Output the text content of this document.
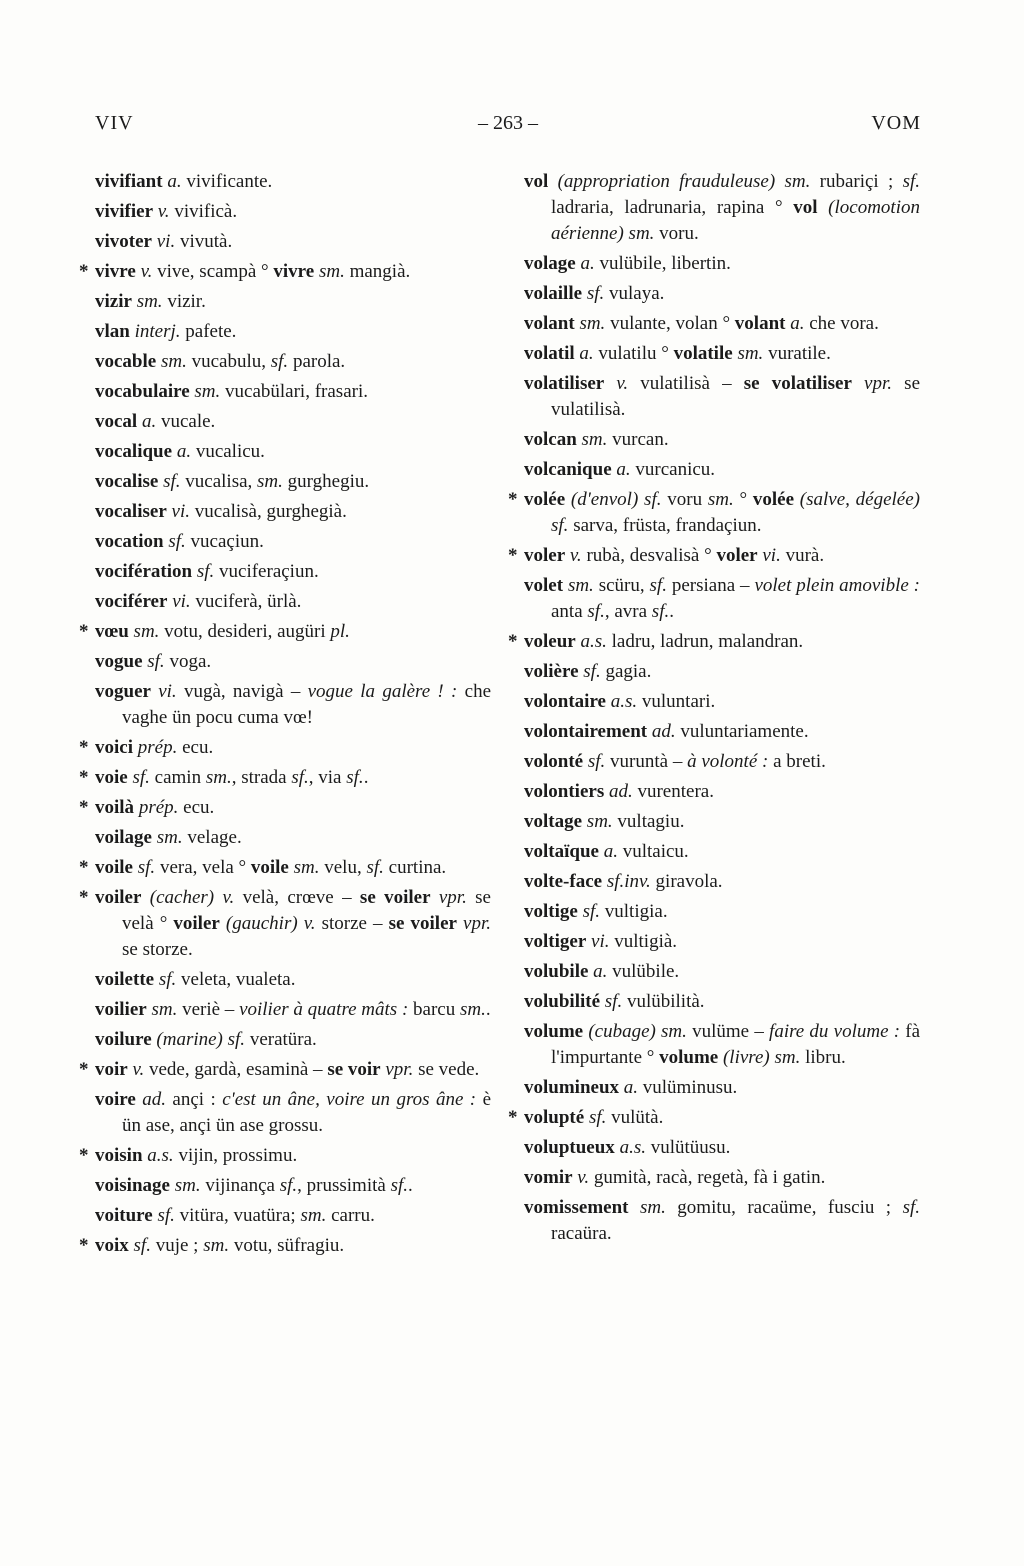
VIV	– 263 –	VOM
vivifiant a. vivificante.
vivifier v. vivificà.
vivoter vi. vivutà.
* vivre v. vive, scampà ° vivre sm. mangià.
vizir sm. vizir.
vlan interj. pafete.
vocable sm. vucabulu, sf. parola.
vocabulaire sm. vucabülari, frasari.
vocal a. vucale.
vocalique a. vucalicu.
vocalise sf. vucalisa, sm. gurghegiu.
vocaliser vi. vucalisà, gurghegià.
vocation sf. vucaçiun.
vocifération sf. vuciferaçiun.
vociférer vi. vuciferà, ürlà.
* vœu sm. votu, desideri, augüri pl.
vogue sf. voga.
voguer vi. vugà, navigà – vogue la galère ! : che vaghe ün pocu cuma vœ!
* voici prép. ecu.
* voie sf. camin sm., strada sf., via sf..
* voilà prép. ecu.
voilage sm. velage.
* voile sf. vera, vela ° voile sm. velu, sf. curtina.
* voiler (cacher) v. velà, crœve – se voiler vpr. se velà ° voiler (gauchir) v. storze – se voiler vpr. se storze.
voilette sf. veleta, vualeta.
voilier sm. veriè – voilier à quatre mâts : barcu sm..
voilure (marine) sf. veratüra.
* voir v. vede, gardà, esaminà – se voir vpr. se vede.
voire ad. ançi : c'est un âne, voire un gros âne : è ün ase, ançi ün ase grossu.
* voisin a.s. vijin, prossimu.
voisinage sm. vijinança sf., prussimità sf..
voiture sf. vitüra, vuatüra; sm. carru.
* voix sf. vuje ; sm. votu, süfragiu.
vol (appropriation frauduleuse) sm. rubariçi ; sf. ladraria, ladrunaria, rapina ° vol (locomotion aérienne) sm. voru.
volage a. vulübile, libertin.
volaille sf. vulaya.
volant sm. vulante, volan ° volant a. che vora.
volatil a. vulatilu ° volatile sm. vuratile.
volatiliser v. vulatilisà – se volatiliser vpr. se vulatilisà.
volcan sm. vurcan.
volcanique a. vurcanicu.
* volée (d'envol) sf. voru sm. ° volée (salve, dégelée) sf. sarva, früsta, frandaçiun.
* voler v. rubà, desvalisà ° voler vi. vurà.
volet sm. scüru, sf. persiana – volet plein amovible : anta sf., avra sf..
* voleur a.s. ladru, ladrun, malandran.
volière sf. gagia.
volontaire a.s. vuluntari.
volontairement ad. vuluntariamente.
volonté sf. vuruntà – à volonté : a breti.
volontiers ad. vurentera.
voltage sm. vultagiu.
voltaïque a. vultaicu.
volte-face sf.inv. giravola.
voltige sf. vultigia.
voltiger vi. vultigià.
volubile a. vulübile.
volubilité sf. vulübilità.
volume (cubage) sm. vulüme – faire du volume : fà l'impurtante ° volume (livre) sm. libru.
volumineux a. vulüminusu.
* volupté sf. vulütà.
voluptueux a.s. vulütüusu.
vomir v. gumità, racà, regetà, fà i gatin.
vomissement sm. gomitu, racaüme, fusciu ; sf. racaüra.
